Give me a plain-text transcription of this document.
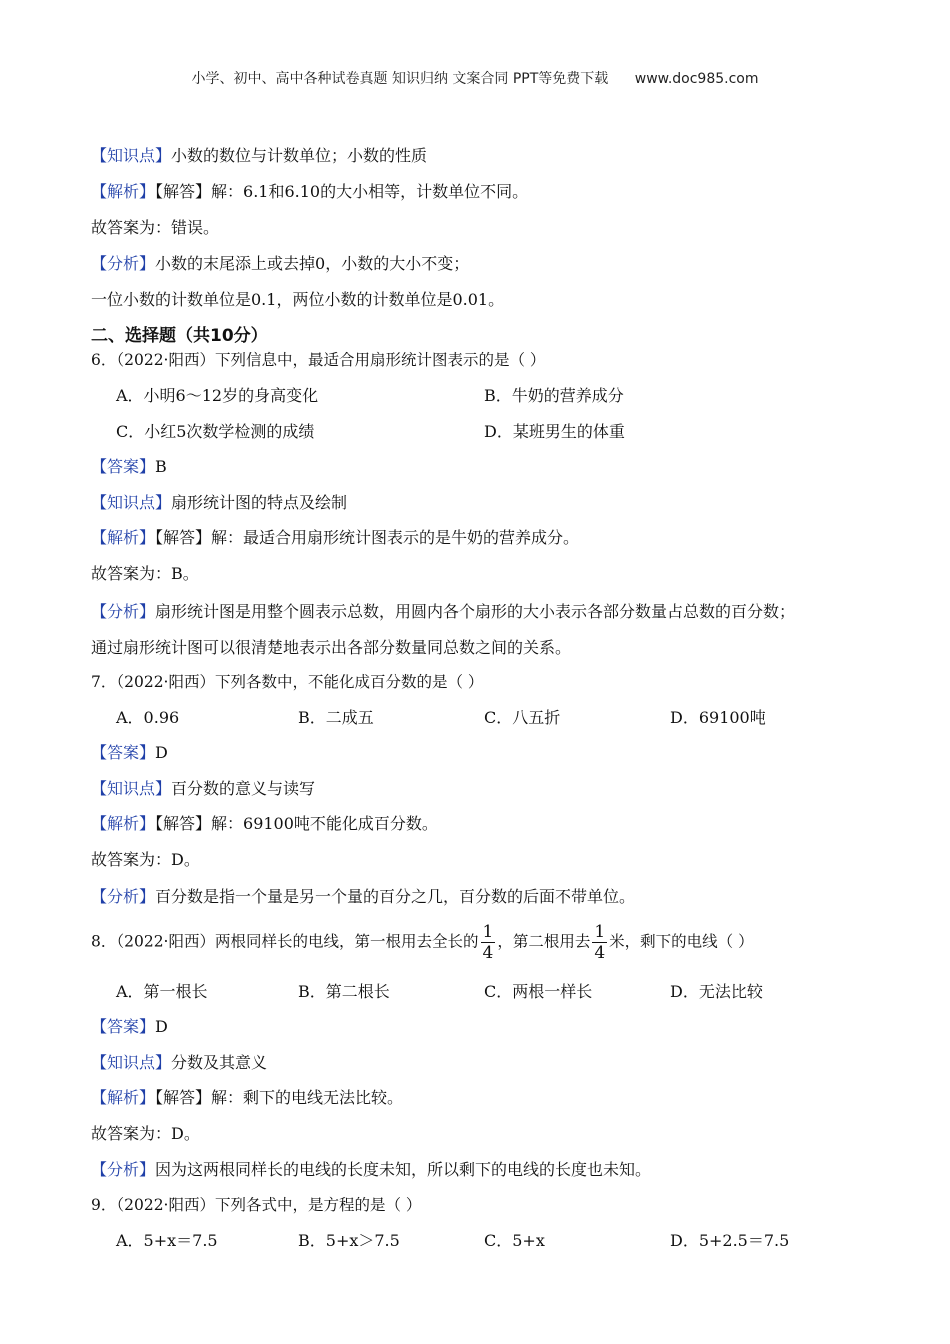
小学、初中、高中各种试卷真题 知识归纳 文案合同 PPT等免费下载 www.doc985.com
【知识点】小数的数位与计数单位；小数的性质
【解析】【解答】解：6.1和6.10的大小相等，计数单位不同。
故答案为：错误。
【分析】小数的末尾添上或去掉0，小数的大小不变；
一位小数的计数单位是0.1，两位小数的计数单位是0.01。
二、选择题（共10分）
6．（2022·阳西）下列信息中，最适合用扇形统计图表示的是（ ）
A．小明6～12岁的身高变化	B．牛奶的营养成分
C．小红5次数学检测的成绩	D．某班男生的体重
【答案】B
【知识点】扇形统计图的特点及绘制
【解析】【解答】解：最适合用扇形统计图表示的是牛奶的营养成分。
故答案为：B。
【分析】扇形统计图是用整个圆表示总数，用圆内各个扇形的大小表示各部分数量占总数的百分数；
通过扇形统计图可以很清楚地表示出各部分数量同总数之间的关系。
7．（2022·阳西）下列各数中，不能化成百分数的是（ ）
A．0.96	B．二成五	C．八五折	D．69100吨
【答案】D
【知识点】百分数的意义与读写
【解析】【解答】解：69100吨不能化成百分数。
故答案为：D。
【分析】百分数是指一个量是另一个量的百分之几，百分数的后面不带单位。
8．（2022·阳西）两根同样长的电线，第一根用去全长的 $\frac{1}{4}$ ，第二根用去 $\frac{1}{4}$ 米，剩下的电线（ ）
A．第一根长	B．第二根长	C．两根一样长	D．无法比较
【答案】D
【知识点】分数及其意义
【解析】【解答】解：剩下的电线无法比较。
故答案为：D。
【分析】因为这两根同样长的电线的长度未知，所以剩下的电线的长度也未知。
9．（2022·阳西）下列各式中，是方程的是（ ）
A．5+x＝7.5	B．5+x＞7.5	C．5+x	D．5+2.5＝7.5
